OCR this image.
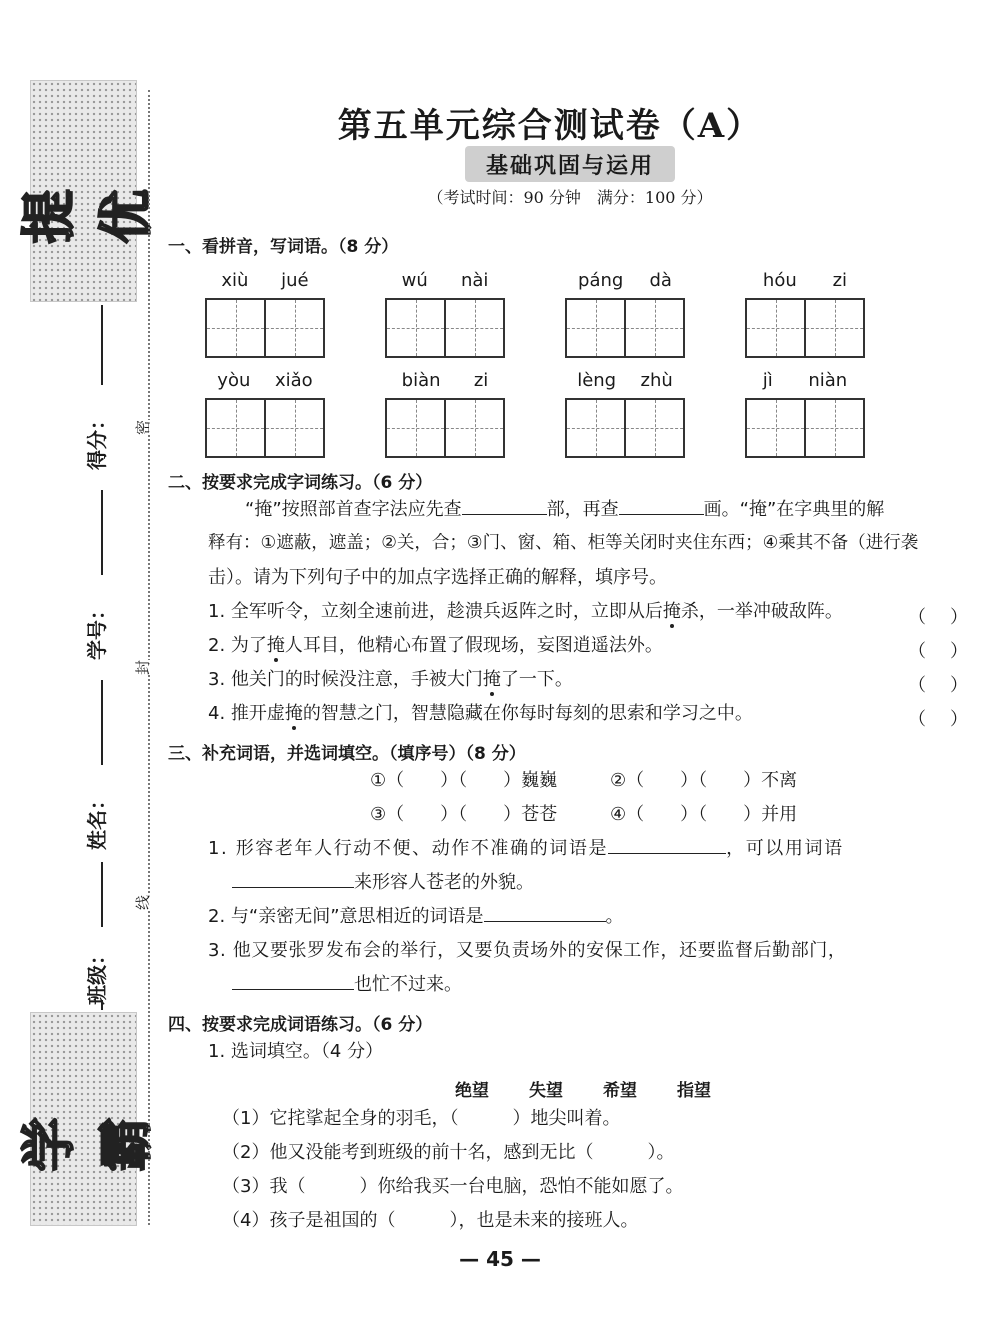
提优
学霸
得分：
学号：
姓名：
班级：
密
封
线
第五单元综合测试卷（A）
基础巩固与运用
（考试时间：90 分钟　满分：100 分）
一、看拼音，写词语。（8 分）
xiù jué	wú nài	páng dà	hóu zi
yòu xiǎo	biàn zi	lèng zhù	jì niàn
二、按要求完成字词练习。（6 分）
“掩”按照部首查字法应先查	部，再查	画。“掩”在字典里的解
释有：①遮蔽，遮盖；②关，合；③门、窗、箱、柜等关闭时夹住东西；④乘其不备（进行袭
击）。请为下列句子中的加点字选择正确的解释，填序号。
1. 全军听令，立刻全速前进，趁溃兵返阵之时，立即从后掩杀，一举冲破敌阵。	（ ）
2. 为了掩人耳目，他精心布置了假现场，妄图逍遥法外。	（ ）
3. 他关门的时候没注意，手被大门掩了一下。	（ ）
4. 推开虚掩的智慧之门，智慧隐藏在你每时每刻的思索和学习之中。	（ ）
三、补充词语，并选词填空。（填序号）（8 分）
①（　　）（　　）巍巍	②（　　）（　　）不离
③（　　）（　　）苍苍	④（　　）（　　）并用
1. 形容老年人行动不便、动作不准确的词语是	，可以用词语
来形容人苍老的外貌。
2. 与“亲密无间”意思相近的词语是	。
3. 他又要张罗发布会的举行，又要负责场外的安保工作，还要监督后勤部门，
也忙不过来。
四、按要求完成词语练习。（6 分）
1. 选词填空。（4 分）
绝望 失望 希望 指望
（1）它挓挲起全身的羽毛，（　　　）地尖叫着。
（2）他又没能考到班级的前十名，感到无比（　　　）。
（3）我（　　　）你给我买一台电脑，恐怕不能如愿了。
（4）孩子是祖国的（　　　），也是未来的接班人。
— 45 —
